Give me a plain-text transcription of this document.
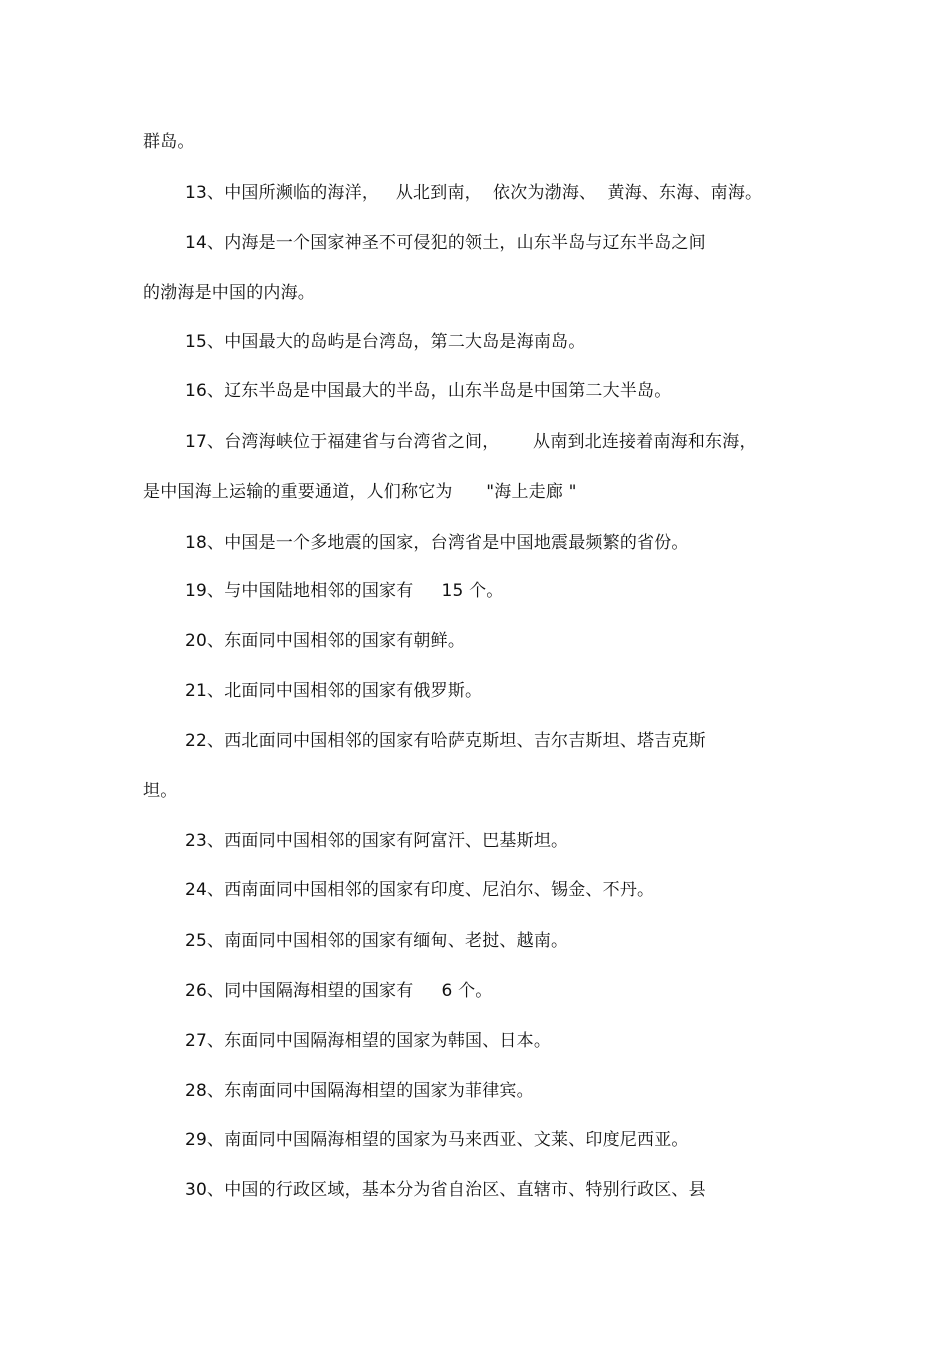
群岛。
13、中国所濒临的海洋，   从北到南，  依次为渤海、  黄海、东海、南海。
14、内海是一个国家神圣不可侵犯的领土，山东半岛与辽东半岛之间
的渤海是中国的内海。
15、中国最大的岛屿是台湾岛，第二大岛是海南岛。
16、辽东半岛是中国最大的半岛，山东半岛是中国第二大半岛。
17、台湾海峡位于福建省与台湾省之间，      从南到北连接着南海和东海，
是中国海上运输的重要通道，人们称它为      "海上走廊 "
18、中国是一个多地震的国家，台湾省是中国地震最频繁的省份。
19、与中国陆地相邻的国家有     15 个。
20、东面同中国相邻的国家有朝鲜。
21、北面同中国相邻的国家有俄罗斯。
22、西北面同中国相邻的国家有哈萨克斯坦、吉尔吉斯坦、塔吉克斯
坦。
23、西面同中国相邻的国家有阿富汗、巴基斯坦。
24、西南面同中国相邻的国家有印度、尼泊尔、锡金、不丹。
25、南面同中国相邻的国家有缅甸、老挝、越南。
26、同中国隔海相望的国家有     6 个。
27、东面同中国隔海相望的国家为韩国、日本。
28、东南面同中国隔海相望的国家为菲律宾。
29、南面同中国隔海相望的国家为马来西亚、文莱、印度尼西亚。
30、中国的行政区域，基本分为省自治区、直辖市、特别行政区、县
